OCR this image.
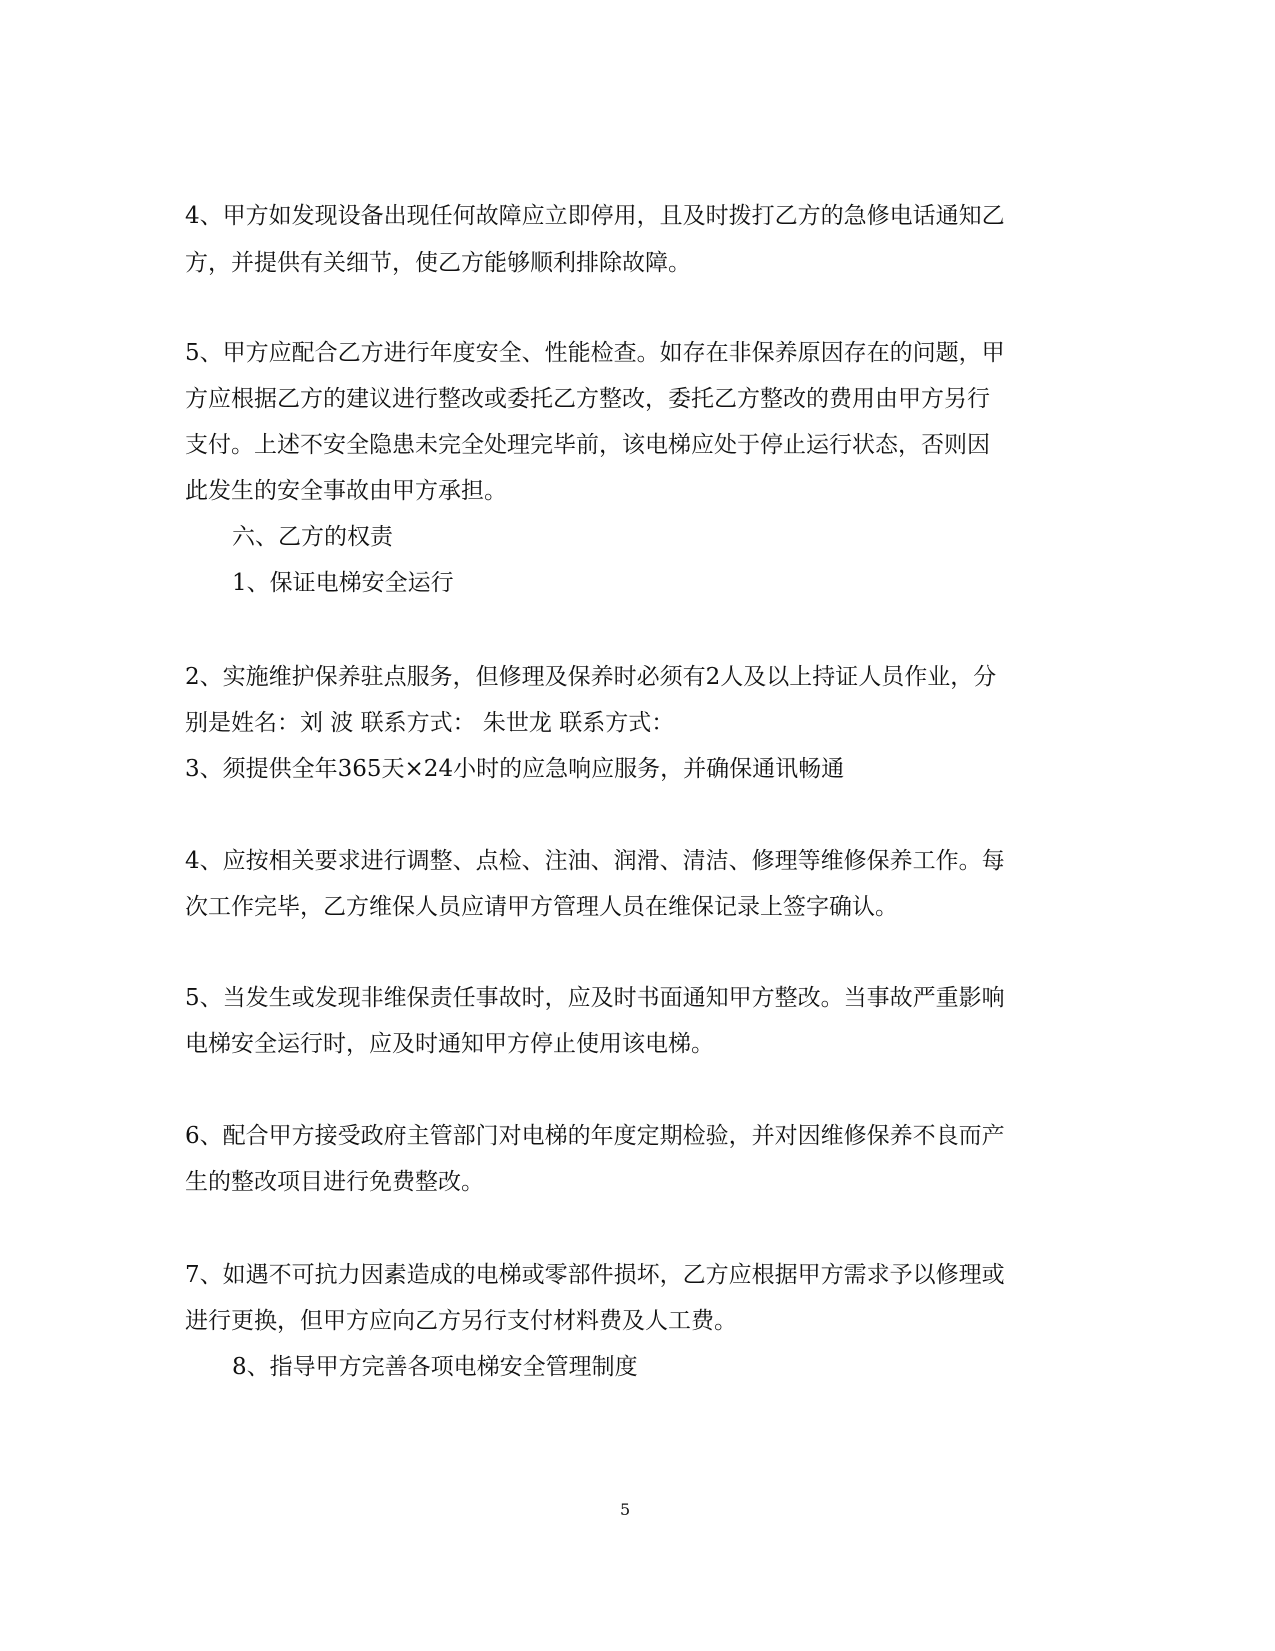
4、甲方如发现设备出现任何故障应立即停用，且及时拨打乙方的急修电话通知乙
方，并提供有关细节，使乙方能够顺利排除故障。
5、甲方应配合乙方进行年度安全、性能检查。如存在非保养原因存在的问题，甲
方应根据乙方的建议进行整改或委托乙方整改，委托乙方整改的费用由甲方另行
支付。上述不安全隐患未完全处理完毕前，该电梯应处于停止运行状态，否则因
此发生的安全事故由甲方承担。
六、乙方的权责
1、保证电梯安全运行
2、实施维护保养驻点服务，但修理及保养时必须有2人及以上持证人员作业，分
别是姓名：刘 波 联系方式： 朱世龙 联系方式：
3、须提供全年365天×24小时的应急响应服务，并确保通讯畅通
4、应按相关要求进行调整、点检、注油、润滑、清洁、修理等维修保养工作。每
次工作完毕，乙方维保人员应请甲方管理人员在维保记录上签字确认。
5、当发生或发现非维保责任事故时，应及时书面通知甲方整改。当事故严重影响
电梯安全运行时，应及时通知甲方停止使用该电梯。
6、配合甲方接受政府主管部门对电梯的年度定期检验，并对因维修保养不良而产
生的整改项目进行免费整改。
7、如遇不可抗力因素造成的电梯或零部件损坏，乙方应根据甲方需求予以修理或
进行更换，但甲方应向乙方另行支付材料费及人工费。
8、指导甲方完善各项电梯安全管理制度
5
